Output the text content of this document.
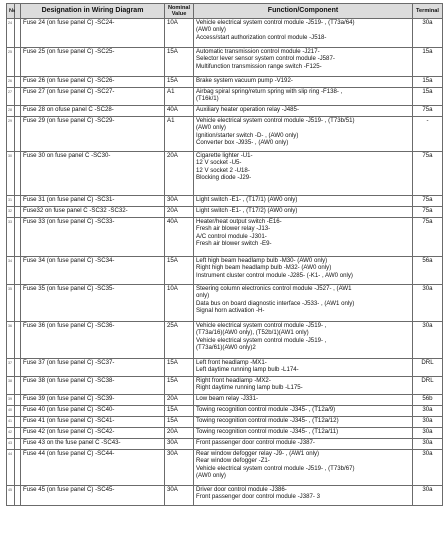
№		Designation in Wiring Diagram	Nominal Value	Function/Component	Terminal
24		Fuse 24 (on fuse panel C) -SC24-	10A	Vehicle electrical system control module -J519- , (T73a/64)
(AW0 only)
Access/start authorization control module -J518-	30a
25		Fuse 25 (on fuse panel C) -SC25-	15A	Automatic transmission control module -J217-
Selector lever sensor system control module -J587-
Multifunction transmission range switch -F125-	15a
26		Fuse 26 (on fuse panel C) -SC26-	15A	Brake system vacuum pump -V192-	15a
27		Fuse 27 (on fuse panel C) -SC27-	A1	Airbag spiral spring/return spring with slip ring -F138- ,
(T16k/1)	15a
28		Fuse 28 on ofuse panel C -SC28-	40A	Auxiliary heater operation relay -J485-	75a
29		Fuse 29 (on fuse panel C) -SC29-	A1	Vehicle electrical system control module -J519- , (T73b/51)
(AW0 only)
Ignition/starter switch -D- , (AW0 only)
Converter box -J935- , (AW0 only)	-
30		Fuse 30 on fuse panel C -SC30-	20A	Cigarette lighter -U1-
12 V socket -U5-
12 V socket 2 -U18-
Blocking diode -J29-	75a
31		Fuse 31 (on fuse panel C) -SC31-	30A	Light switch -E1- , (T17/1) (AW0 only)	75a
32		Fuse32 on fuse panel C -SC32 -SC32-	20A	Light switch -E1- , (T17/2) (AW0 only)	75a
33		Fuse 33 (on fuse panel C) -SC33-	40A	Heater/heat output switch -E16-
Fresh air blower relay -J13-
A/C control module -J301-
Fresh air blower switch -E9-	75a
34		Fuse 34 (on fuse panel C) -SC34-	15A	Left high beam headlamp bulb -M30- (AW0 only)
Right high beam headlamp bulb -M32- (AW0 only)
Instrument cluster control module -J285- (-K1- , AW0 only)	56a
35		Fuse 35 (on fuse panel C) -SC35-	10A	Steering column electronics control module -J527- , (AW1
only)
Data bus on board diagnostic interface -J533- , (AW1 only)
Signal horn activation -H-	30a
36		Fuse 36 (on fuse panel C) -SC36-	25A	Vehicle electrical system control module -J519- ,
(T73a/16)(AW0 only), (T52b/1)(AW1 only)
Vehicle electrical system control module -J519- ,
(T73a/61)(AW0 only)2	30a
37		Fuse 37 (on fuse panel C) -SC37-	15A	Left front headlamp -MX1-
Left daytime running lamp bulb -L174-	DRL
38		Fuse 38 (on fuse panel C) -SC38-	15A	Right front headlamp -MX2-
Right daytime running lamp bulb -L175-	DRL
39		Fuse 39 (on fuse panel C) -SC39-	20A	Low beam relay -J331-	56b
40		Fuse 40 (on fuse panel C) -SC40-	15A	Towing recognition control module -J345- , (T12a/9)	30a
41		Fuse 41 (on fuse panel C) -SC41-	15A	Towing recognition control module -J345- , (T12a/12)	30a
42		Fuse 42 (on fuse panel C) -SC42-	20A	Towing recognition control module -J345- , (T12a/11)	30a
43		Fuse 43 on the fuse panel C -SC43-	30A	Front passenger door control module -J387-	30a
44		Fuse 44 (on fuse panel C) -SC44-	30A	Rear window defogger relay -J9- , (AW1 only)
Rear window defogger -Z1-
Vehicle electrical system control module -J519- , (T73b/67)
(AW0 only)	30a
45		Fuse 45 (on fuse panel C) -SC45-	30A	Driver door control module -J386-
Front passenger door control module -J387- 3	30a
